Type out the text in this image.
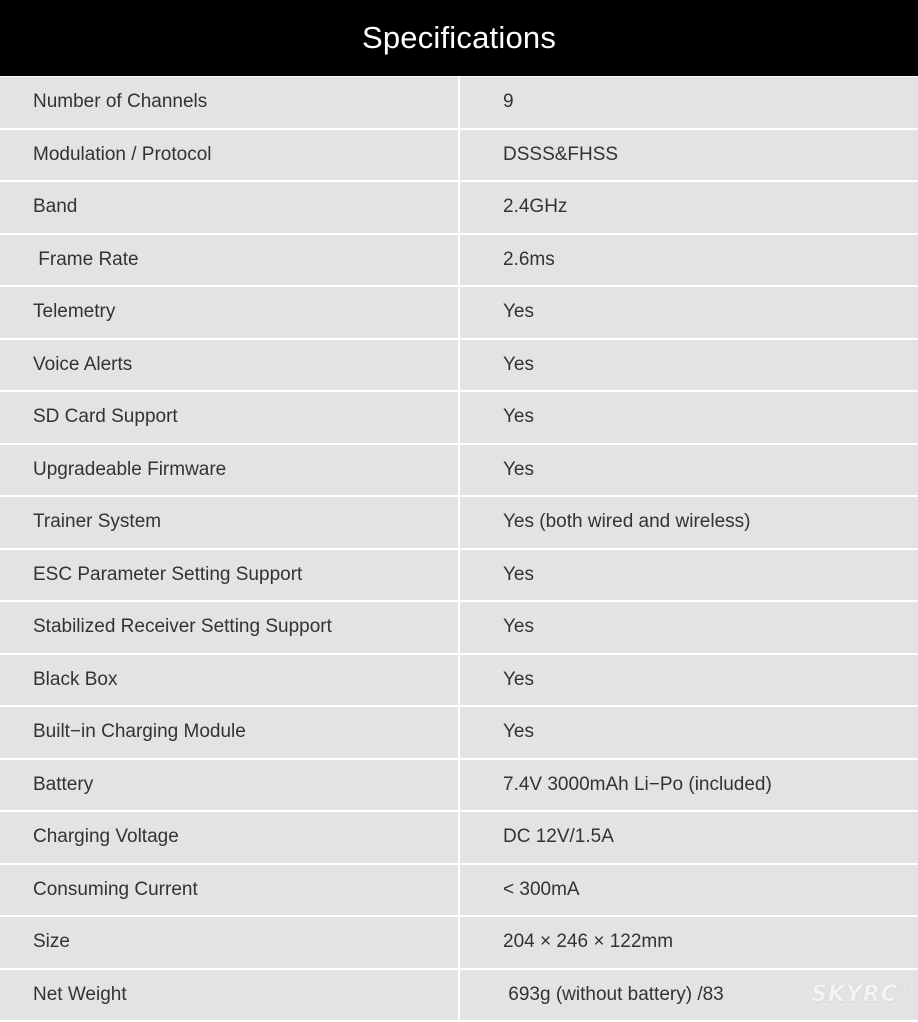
Specifications
Number of Channels	9
Modulation / Protocol	DSSS&FHSS
Band	2.4GHz
Frame Rate	2.6ms
Telemetry	Yes
Voice Alerts	Yes
SD Card Support	Yes
Upgradeable Firmware	Yes
Trainer System	Yes (both wired and wireless)
ESC Parameter Setting Support	Yes
Stabilized Receiver Setting Support	Yes
Black Box	Yes
Built−in Charging Module	Yes
Battery	7.4V 3000mAh Li−Po (included)
Charging Voltage	DC 12V/1.5A
Consuming Current	< 300mA
Size	204 × 246 × 122mm
Net Weight	693g (without battery) /83	SKYRC®
